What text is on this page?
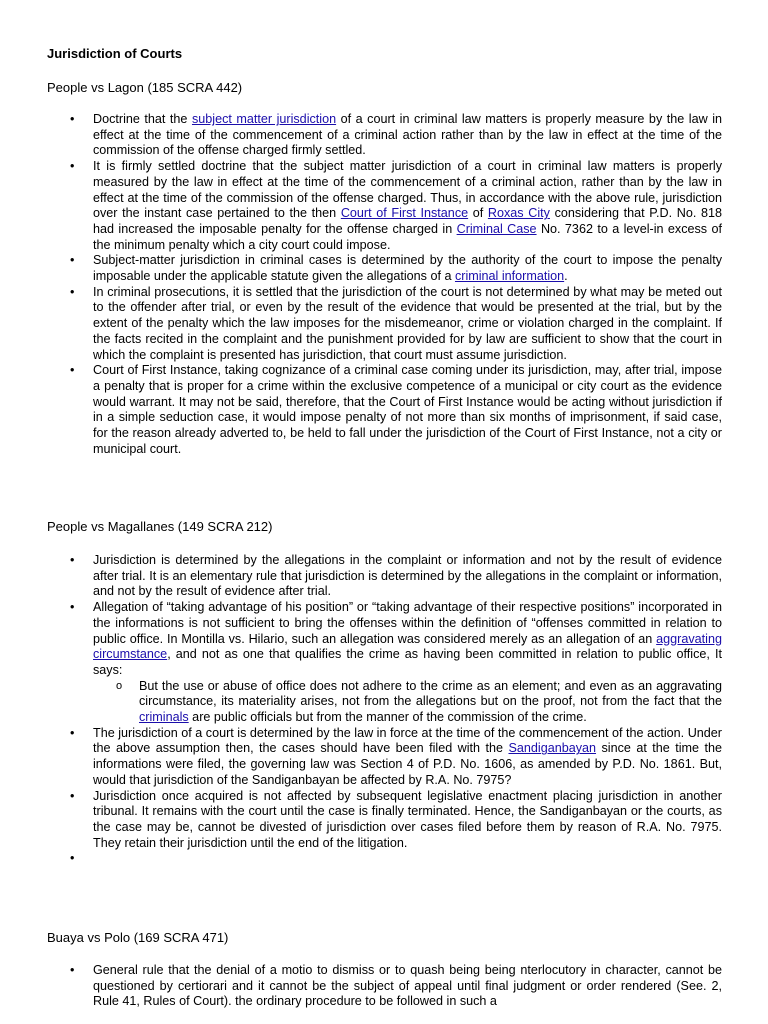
Jurisdiction of Courts
People vs Lagon (185 SCRA 442)
• Doctrine that the subject matter jurisdiction of a court in criminal law matters is properly measure by the law in effect at the time of the commencement of a criminal action rather than by the law in effect at the time of the commission of the offense charged firmly settled.
• It is firmly settled doctrine that the subject matter jurisdiction of a court in criminal law matters is properly measured by the law in effect at the time of the commencement of a criminal action, rather than by the law in effect at the time of the commission of the offense charged. Thus, in accordance with the above rule, jurisdiction over the instant case pertained to the then Court of First Instance of Roxas City considering that P.D. No. 818 had increased the imposable penalty for the offense charged in Criminal Case No. 7362 to a level-in excess of the minimum penalty which a city court could impose.
• Subject-matter jurisdiction in criminal cases is determined by the authority of the court to impose the penalty imposable under the applicable statute given the allegations of a criminal information.
• In criminal prosecutions, it is settled that the jurisdiction of the court is not determined by what may be meted out to the offender after trial, or even by the result of the evidence that would be presented at the trial, but by the extent of the penalty which the law imposes for the misdemeanor, crime or violation charged in the complaint. If the facts recited in the complaint and the punishment provided for by law are sufficient to show that the court in which the complaint is presented has jurisdiction, that court must assume jurisdiction.
• Court of First Instance, taking cognizance of a criminal case coming under its jurisdiction, may, after trial, impose a penalty that is proper for a crime within the exclusive competence of a municipal or city court as the evidence would warrant. It may not be said, therefore, that the Court of First Instance would be acting without jurisdiction if in a simple seduction case, it would impose penalty of not more than six months of imprisonment, if said case, for the reason already adverted to, be held to fall under the jurisdiction of the Court of First Instance, not a city or municipal court.
People vs Magallanes (149 SCRA 212)
• Jurisdiction is determined by the allegations in the complaint or information and not by the result of evidence after trial. It is an elementary rule that jurisdiction is determined by the allegations in the complaint or information, and not by the result of evidence after trial.
• Allegation of “taking advantage of his position” or “taking advantage of their respective positions” incorporated in the informations is not sufficient to bring the offenses within the definition of “offenses committed in relation to public office. In Montilla vs. Hilario, such an allegation was considered merely as an allegation of an aggravating circumstance, and not as one that qualifies the crime as having been committed in relation to public office, It says:
o But the use or abuse of office does not adhere to the crime as an element; and even as an aggravating circumstance, its materiality arises, not from the allegations but on the proof, not from the fact that the criminals are public officials but from the manner of the commission of the crime.
• The jurisdiction of a court is determined by the law in force at the time of the commencement of the action. Under the above assumption then, the cases should have been filed with the Sandiganbayan since at the time the informations were filed, the governing law was Section 4 of P.D. No. 1606, as amended by P.D. No. 1861. But, would that jurisdiction of the Sandiganbayan be affected by R.A. No. 7975?
• Jurisdiction once acquired is not affected by subsequent legislative enactment placing jurisdiction in another tribunal. It remains with the court until the case is finally terminated. Hence, the Sandiganbayan or the courts, as the case may be, cannot be divested of jurisdiction over cases filed before them by reason of R.A. No. 7975. They retain their jurisdiction until the end of the litigation.
•
Buaya vs Polo (169 SCRA 471)
• General rule that the denial of a motio to dismiss or to quash being being nterlocutory in character, cannot be questioned by certiorari and it cannot be the subject of appeal until final judgment or order rendered (See. 2, Rule 41, Rules of Court). the ordinary procedure to be followed in such a
